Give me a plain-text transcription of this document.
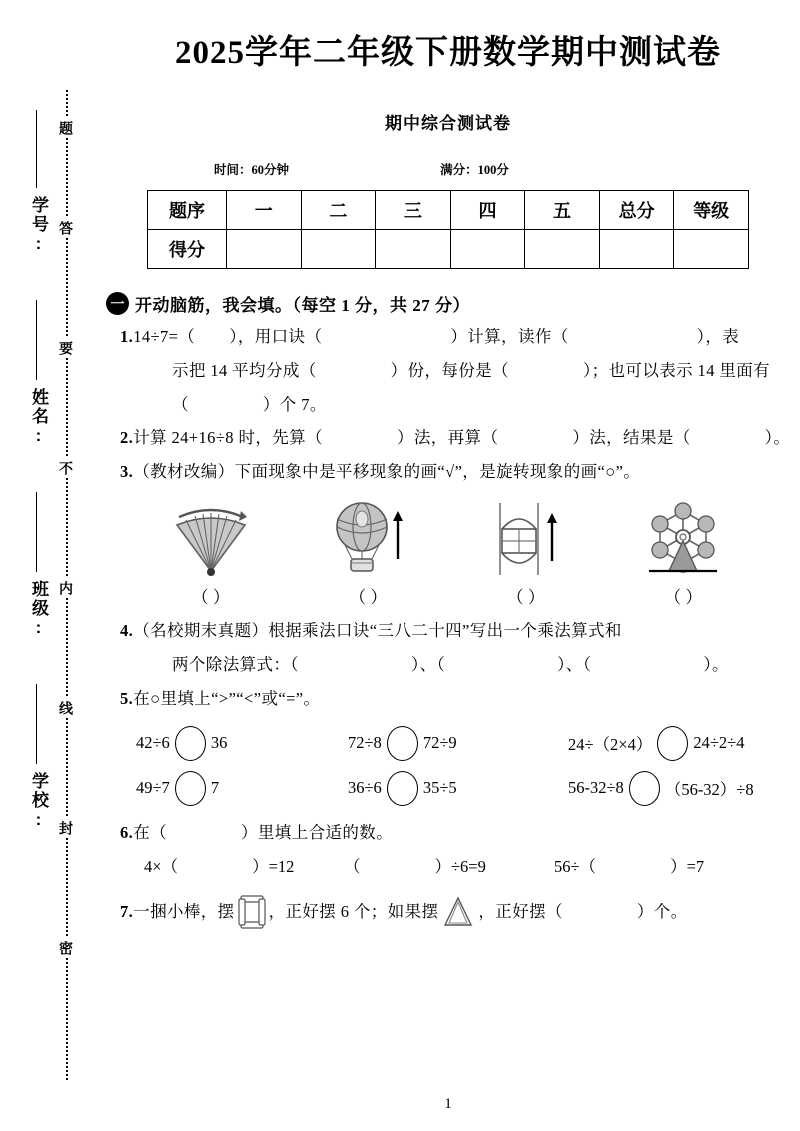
学号:
姓名:
班级:
学校:
题
答
要
不
内
线
封
密
2025学年二年级下册数学期中测试卷
期中综合测试卷
时间：60分钟	满分：100分
题序	一	二	三	四	五	总分	等级
得分							
一 开动脑筋，我会填。（每空 1 分，共 27 分）
1.14÷7=（ ），用口诀（	）计算，读作（	），表
示把 14 平均分成（	）份，每份是（	）；也可以表示 14 里面有
（	）个 7。
2.计算 24+16÷8 时，先算（	）法，再算（	）法，结果是（	）。
3.（教材改编）下面现象中是平移现象的画“√”，是旋转现象的画“○”。
（ ）	（ ）	（ ）	（ ）
4.（名校期末真题）根据乘法口诀“三八二十四”写出一个乘法算式和
两个除法算式：（	）、（	）、（	）。
5.在○里填上“>”“<”或“=”。
42÷6 36	72÷8 72÷9	24÷（2×4） 24÷2÷4
49÷7 7	36÷6 35÷5	56-32÷8 （56-32）÷8
6.在（	）里填上合适的数。
4×（	）=12	（	）÷6=9	56÷（	）=7
7. 一捆小棒，摆 ，正好摆 6 个；如果摆 ，正好摆（	）个。
1
